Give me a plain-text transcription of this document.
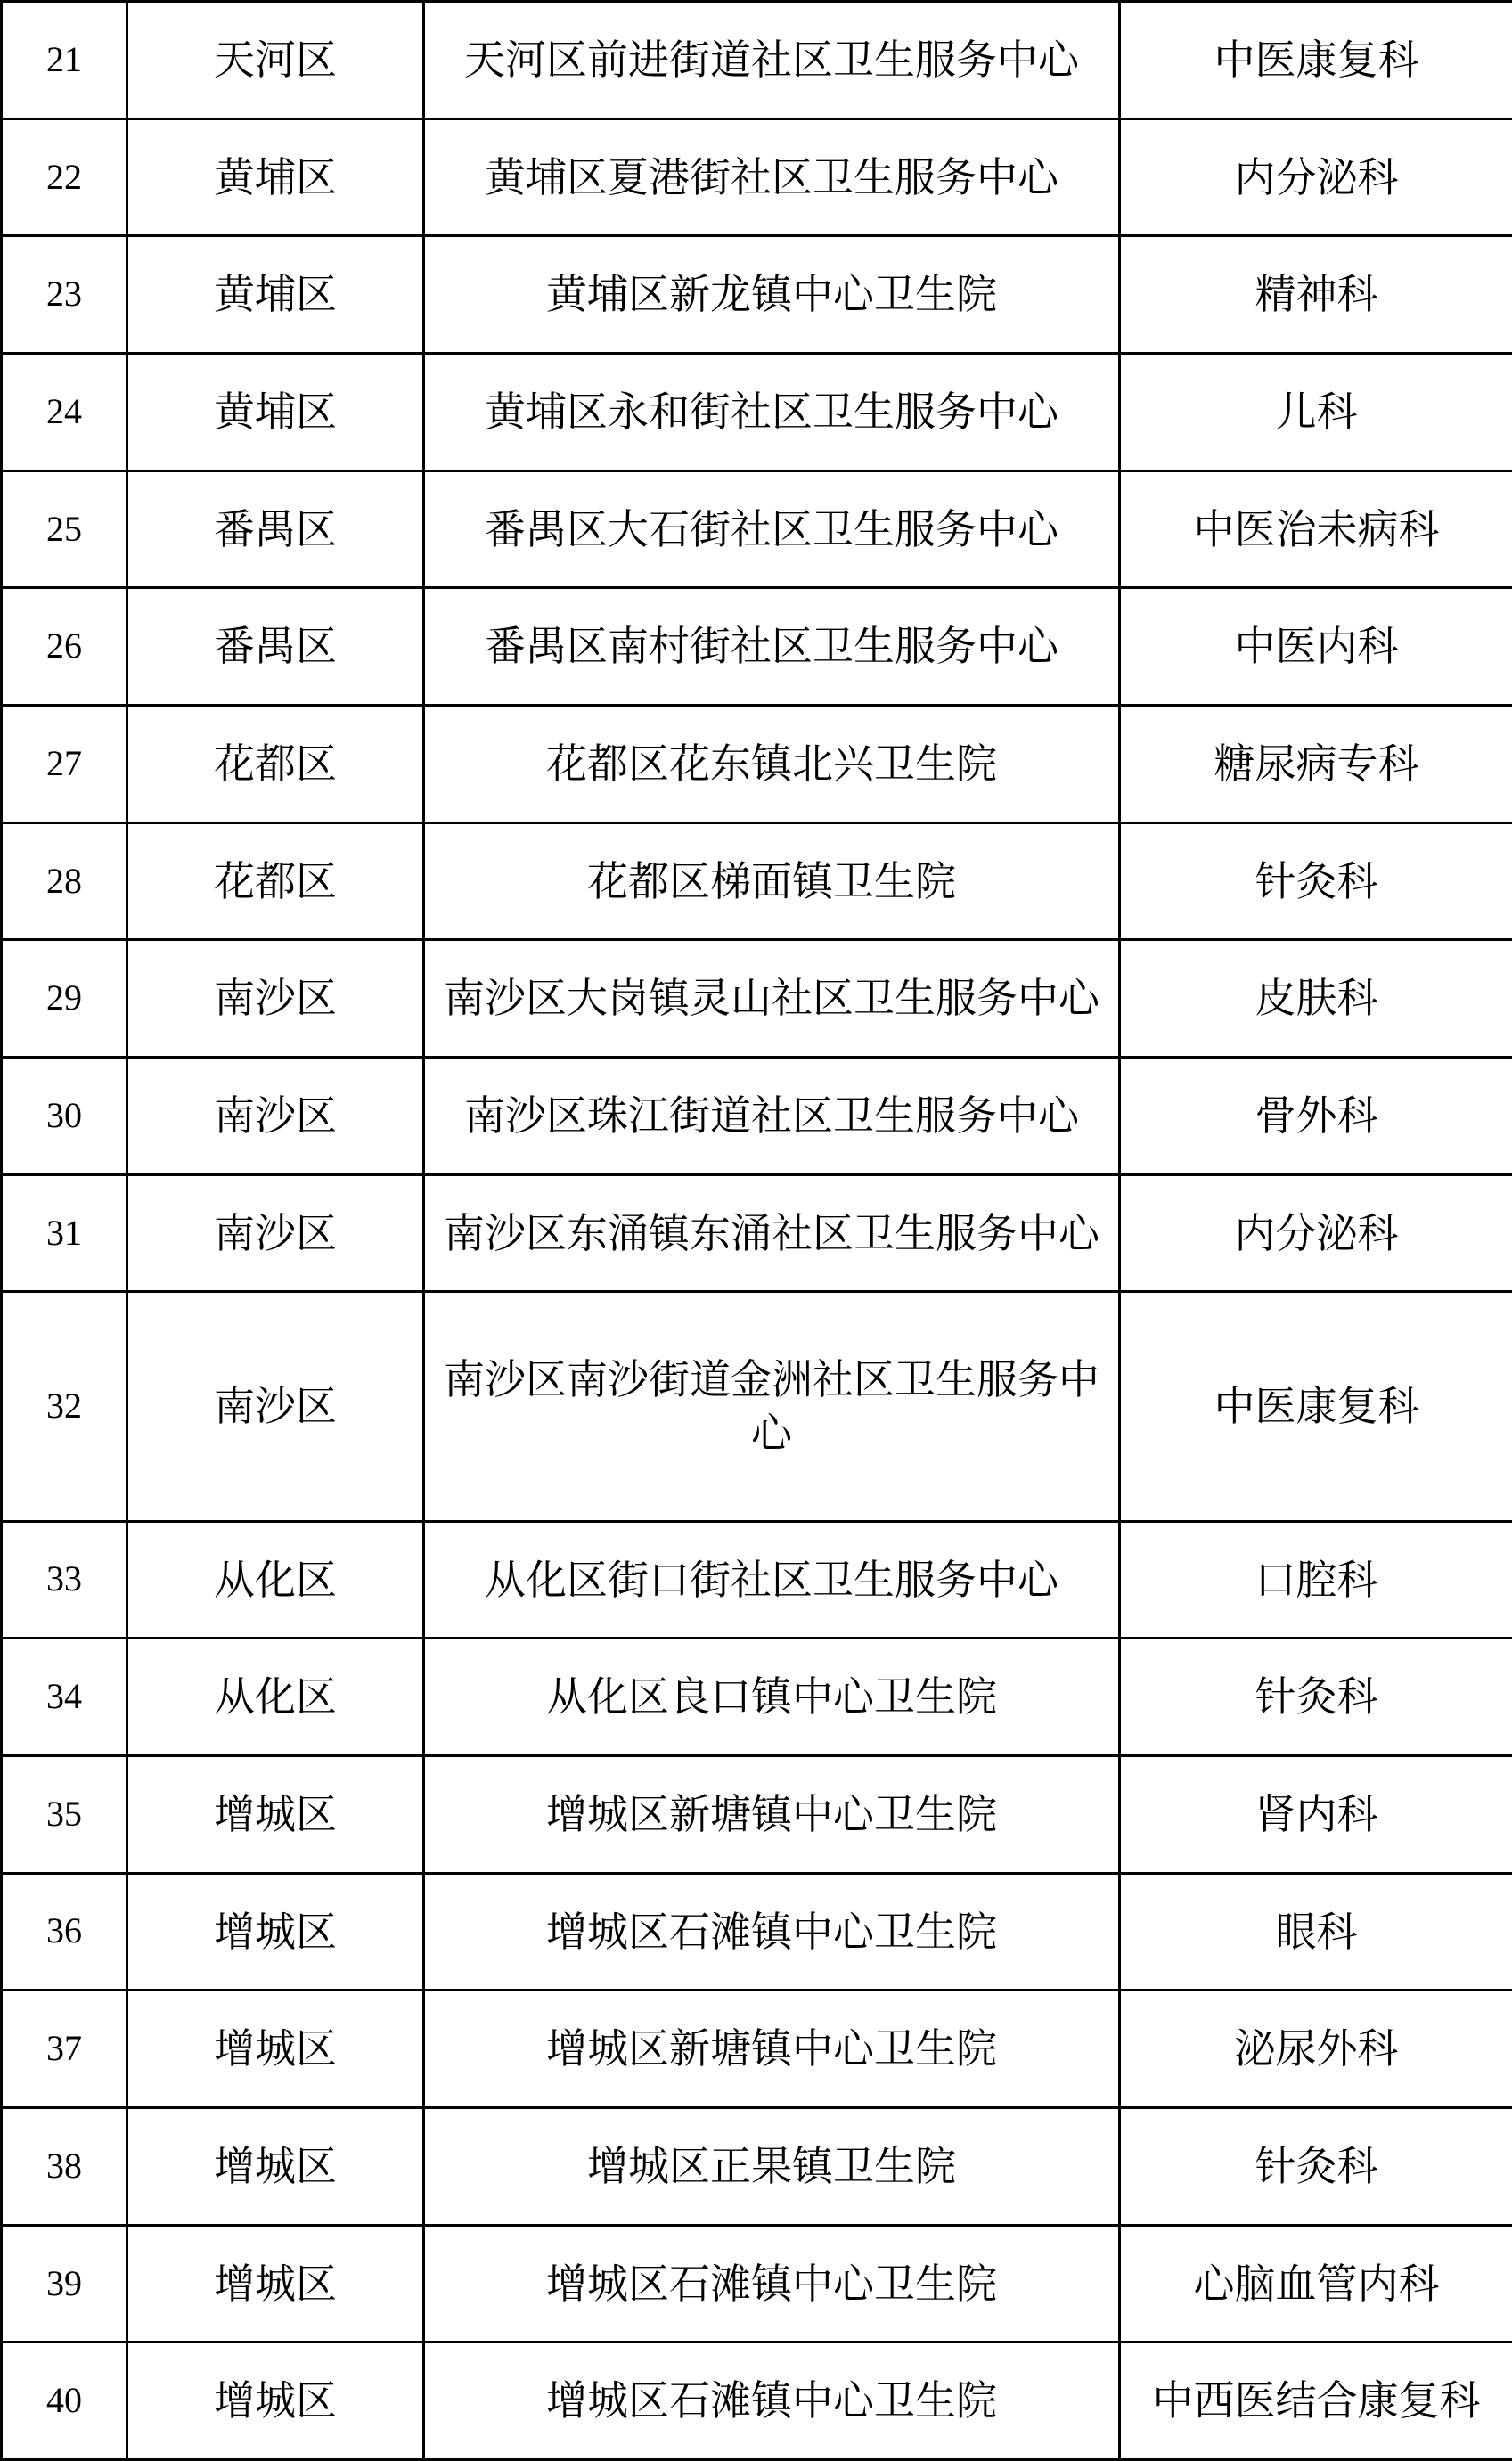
21	天河区	天河区前进街道社区卫生服务中心	中医康复科
22	黄埔区	黄埔区夏港街社区卫生服务中心	内分泌科
23	黄埔区	黄埔区新龙镇中心卫生院	精神科
24	黄埔区	黄埔区永和街社区卫生服务中心	儿科
25	番禺区	番禺区大石街社区卫生服务中心	中医治未病科
26	番禺区	番禺区南村街社区卫生服务中心	中医内科
27	花都区	花都区花东镇北兴卫生院	糖尿病专科
28	花都区	花都区梯面镇卫生院	针灸科
29	南沙区	南沙区大岗镇灵山社区卫生服务中心	皮肤科
30	南沙区	南沙区珠江街道社区卫生服务中心	骨外科
31	南沙区	南沙区东涌镇东涌社区卫生服务中心	内分泌科
32	南沙区	南沙区南沙街道金洲社区卫生服务中心	中医康复科
33	从化区	从化区街口街社区卫生服务中心	口腔科
34	从化区	从化区良口镇中心卫生院	针灸科
35	增城区	增城区新塘镇中心卫生院	肾内科
36	增城区	增城区石滩镇中心卫生院	眼科
37	增城区	增城区新塘镇中心卫生院	泌尿外科
38	增城区	增城区正果镇卫生院	针灸科
39	增城区	增城区石滩镇中心卫生院	心脑血管内科
40	增城区	增城区石滩镇中心卫生院	中西医结合康复科
